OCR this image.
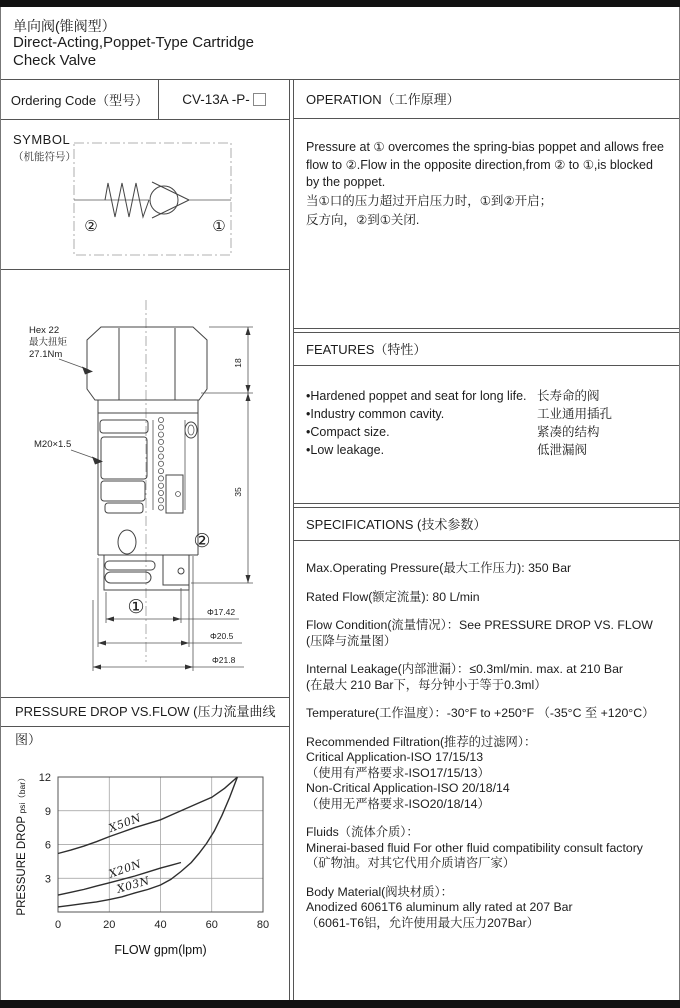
单向阀(锥阀型）
Direct-Acting,Poppet-Type Cartridge
Check Valve
Ordering Code（型号）	CV-13A -P-
SYMBOL
（机能符号）
②	①
Hex 22
最大扭矩
27.1Nm
M20×1.5
18
35
Φ17.42
Φ20.5
Φ21.8
②
①
PRESSURE DROP VS.FLOW (压力流量曲线图）
0	20	40	60	80
3
6
9
12
X50N
X20N
X03N
FLOW gpm(lpm)
PRESSURE DROP psi（bar）
OPERATION（工作原理）
Pressure at ① overcomes the spring-bias poppet and allows free
flow to ②.Flow in the opposite direction,from ② to ①,is blocked
by the poppet.
当①口的压力超过开启压力时，①到②开启；
反方向，②到①关闭.
FEATURES（特性）
•Hardened poppet and seat for long life. 长寿命的阀
•Industry common cavity.	工业通用插孔
•Compact size.	紧凑的结构
•Low leakage.	低泄漏阀
SPECIFICATIONS (技术参数）
Max.Operating Pressure(最大工作压力): 350 Bar
Rated Flow(额定流量): 80 L/min
Flow Condition(流量情况）：See PRESSURE DROP VS. FLOW
(压降与流量图）
Internal Leakage(内部泄漏）：≤0.3ml/min. max. at 210 Bar
(在最大 210 Bar下，每分钟小于等于0.3ml）
Temperature(工作温度）：-30°F to +250°F （-35°C 至 +120°C）
Recommended Filtration(推荐的过滤网）：
Critical Application-ISO 17/15/13
（使用有严格要求-ISO17/15/13）
Non-Critical Application-ISO 20/18/14
（使用无严格要求-ISO20/18/14）
Fluids（流体介质）：
Minerai-based fluid For other fluid compatibility consult factory
（矿物油。对其它代用介质请咨厂家）
Body Material(阀块材质）：
Anodized 6061T6 aluminum ally rated at 207 Bar
（6061-T6铝，允许使用最大压力207Bar）
